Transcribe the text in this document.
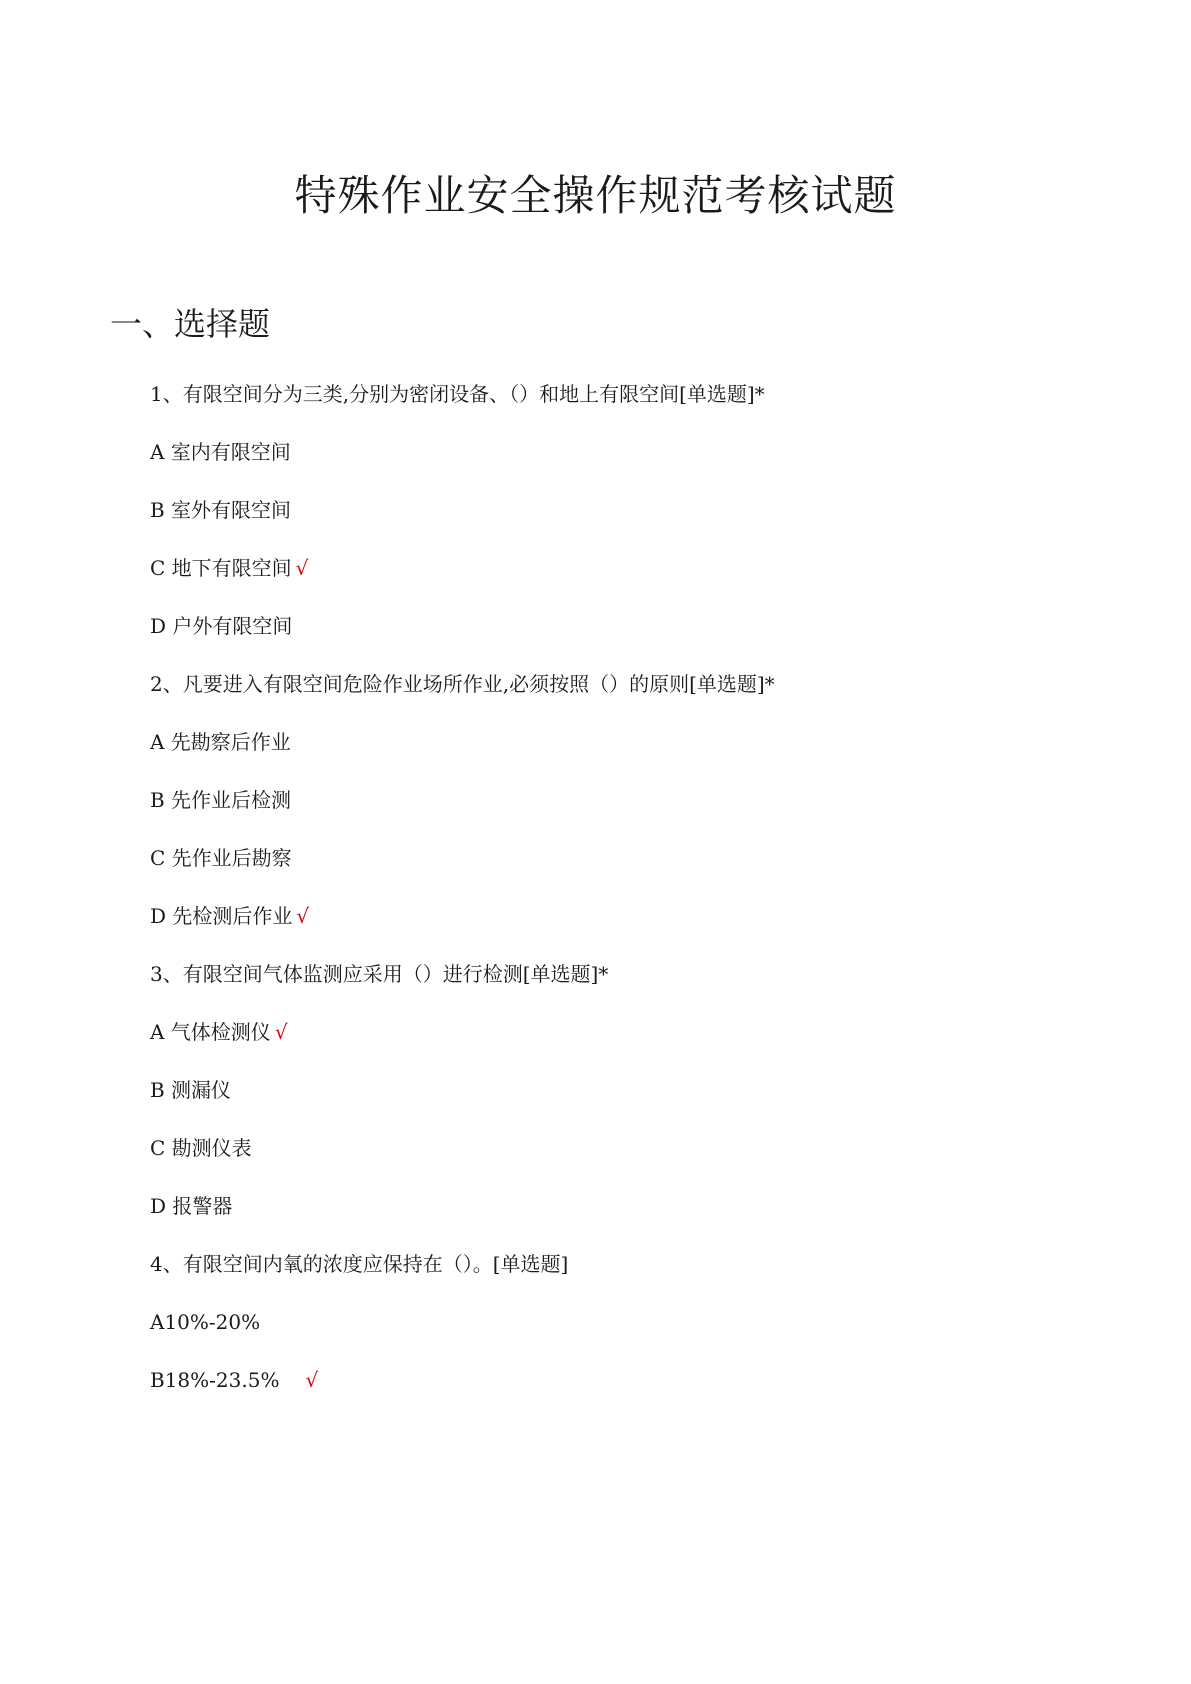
特殊作业安全操作规范考核试题
一、选择题
1、有限空间分为三类,分别为密闭设备、（）和地上有限空间[单选题]*
A 室内有限空间
B 室外有限空间
C 地下有限空间 √
D 户外有限空间
2、凡要进入有限空间危险作业场所作业,必须按照（）的原则[单选题]*
A 先勘察后作业
B 先作业后检测
C 先作业后勘察
D 先检测后作业 √
3、有限空间气体监测应采用（）进行检测[单选题]*
A 气体检测仪 √
B 测漏仪
C 勘测仪表
D 报警器
4、有限空间内氧的浓度应保持在（）。[单选题]
A10%-20%
B18%-23.5% √
